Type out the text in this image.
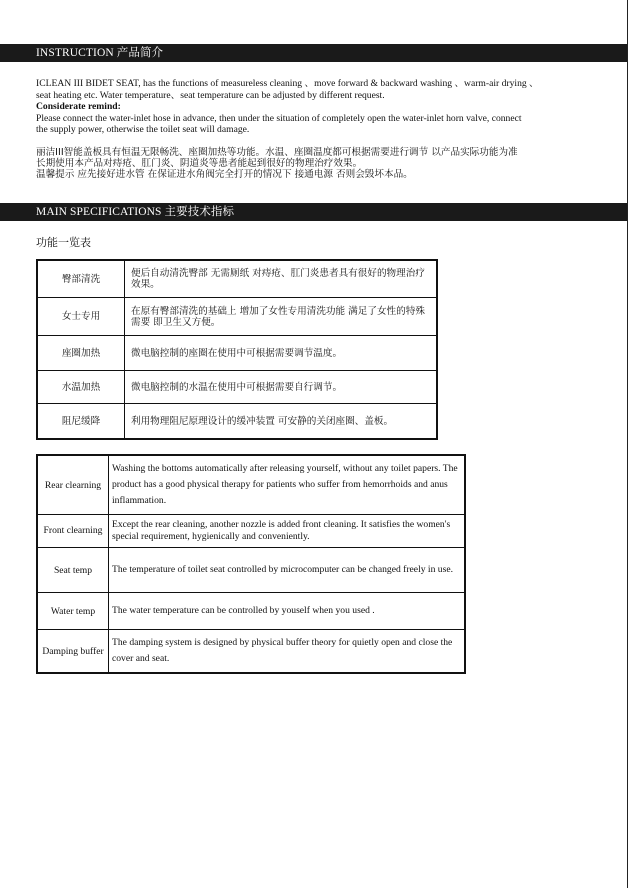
INSTRUCTION 产品简介

ICLEAN III BIDET SEAT, has the functions of measureless cleaning 、move forward & backward washing 、warm-air drying 、

seat heating etc. Water temperature、seat temperature can be adjusted by different request.

Considerate remind:

Please connect the water-inlet hose in advance, then under the situation of completely open the water-inlet horn valve, connect

the supply power, otherwise the toilet seat will damage.

丽洁III智能盖板具有恒温无限畅洗、座圈加热等功能。水温、座圈温度都可根据需要进行调节 以产品实际功能为准

长期使用本产品对痔疮、肛门炎、阴道炎等患者能起到很好的物理治疗效果。

温馨提示 应先接好进水管 在保证进水角阀完全打开的情况下 接通电源 否则会毁坏本品。

MAIN SPECIFICATIONS 主要技术指标
功能一览表
臀部清洗	便后自动清洗臀部 无需厕纸 对痔疮、肛门炎患者具有很好的物理治疗效果。
女士专用	在原有臀部清洗的基础上 增加了女性专用清洗功能 满足了女性的特殊需要 即卫生又方便。
座圈加热	微电脑控制的座圈在使用中可根据需要调节温度。
水温加热	微电脑控制的水温在使用中可根据需要自行调节。
阻尼缓降	利用物理阻尼原理设计的缓冲装置 可安静的关闭座圈、盖板。
Rear clearning	Washing the bottoms automatically after releasing yourself, without any toilet papers. The product has a good physical therapy for patients who suffer from hemorrhoids and anus inflammation.
Front clearning	Except the rear cleaning, another nozzle is added front cleaning. It satisfies the women's special requirement, hygienically and conveniently.
Seat temp	The temperature of toilet seat controlled by microcomputer can be changed freely in use.
Water temp	The water temperature can be controlled by youself when you used .
Damping buffer	The damping system is designed by physical buffer theory for quietly open and close the cover and seat.
